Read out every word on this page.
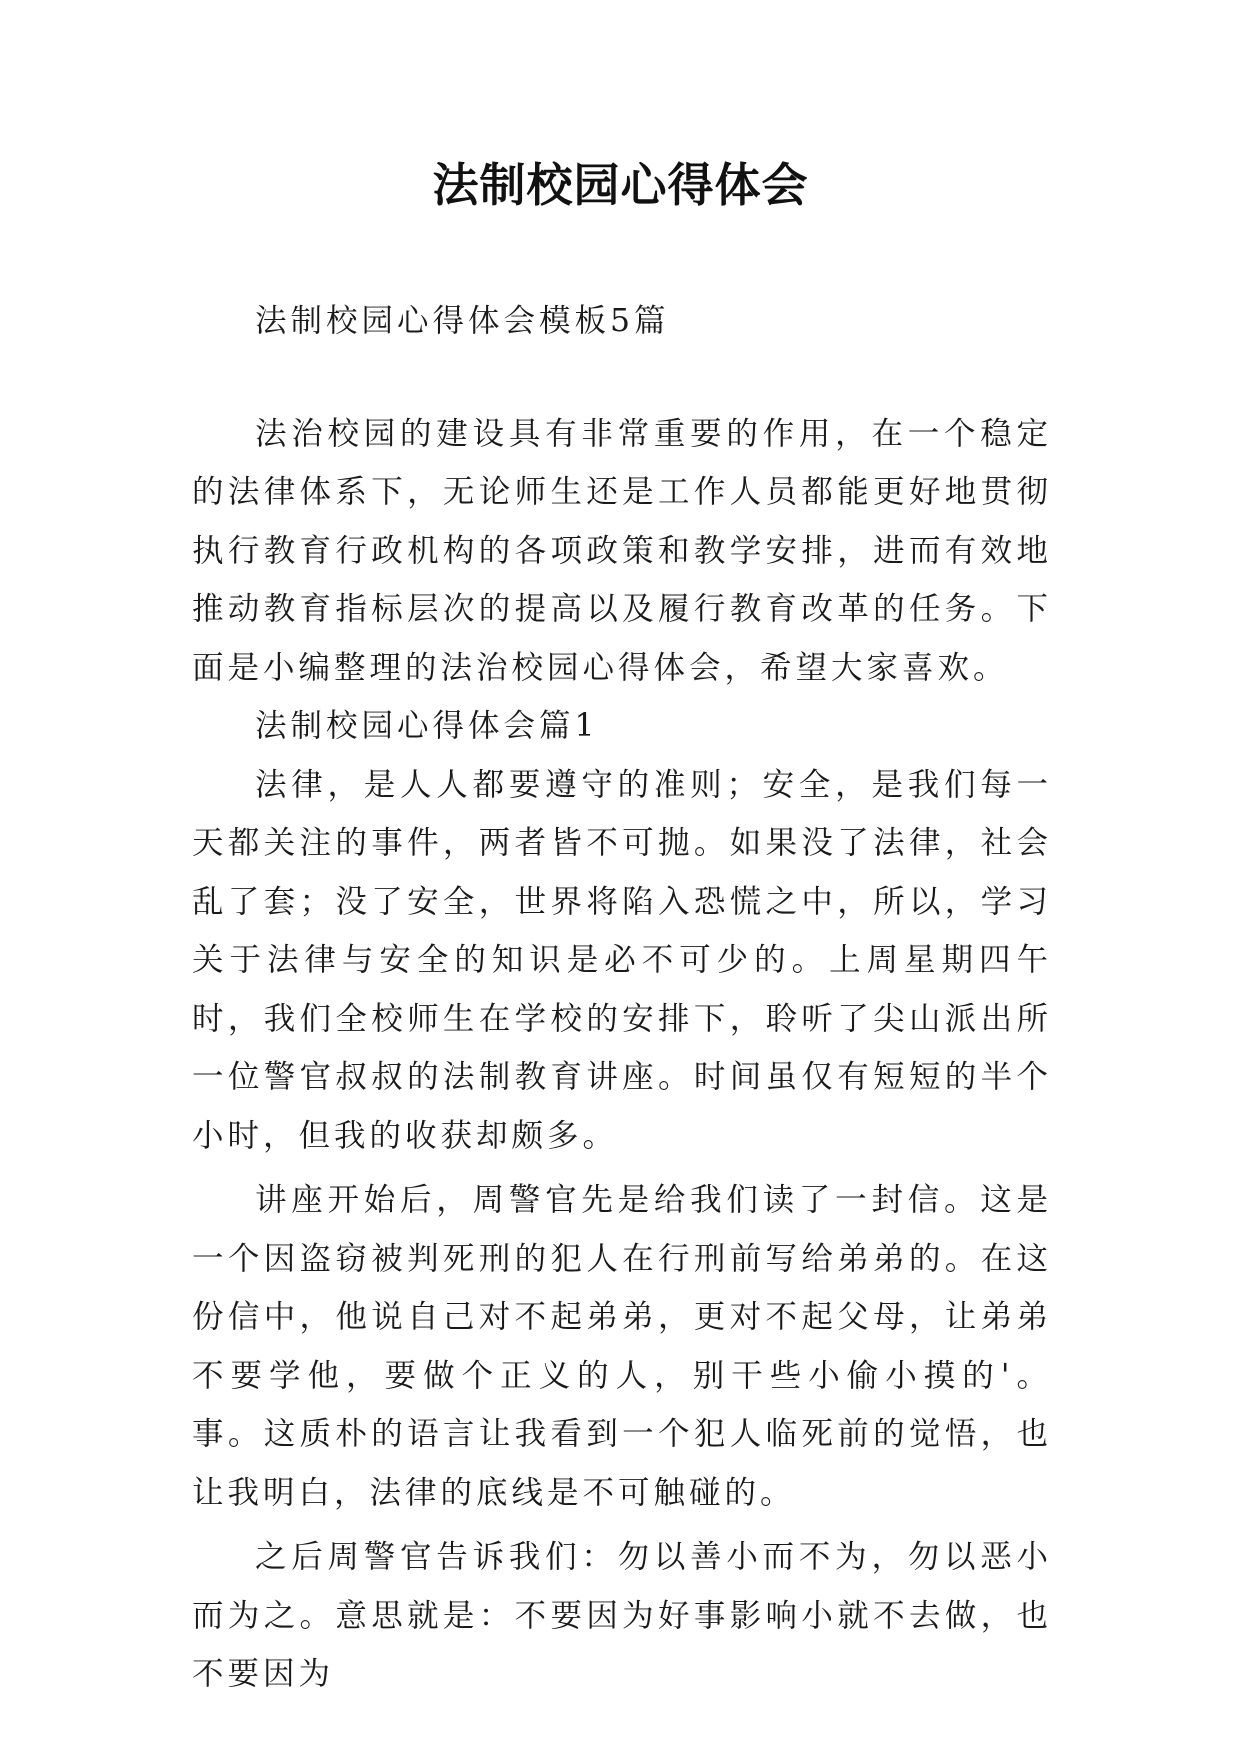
法制校园心得体会

法制校园心得体会模板5篇

法治校园的建设具有非常重要的作用，在一个稳定的法律体系下，无论师生还是工作人员都能更好地贯彻执行教育行政机构的各项政策和教学安排，进而有效地推动教育指标层次的提高以及履行教育改革的任务。下面是小编整理的法治校园心得体会，希望大家喜欢。

法制校园心得体会篇1

法律，是人人都要遵守的准则；安全，是我们每一天都关注的事件，两者皆不可抛。如果没了法律，社会乱了套；没了安全，世界将陷入恐慌之中，所以，学习关于法律与安全的知识是必不可少的。上周星期四午时，我们全校师生在学校的安排下，聆听了尖山派出所一位警官叔叔的法制教育讲座。时间虽仅有短短的半个小时，但我的收获却颇多。

讲座开始后，周警官先是给我们读了一封信。这是一个因盗窃被判死刑的犯人在行刑前写给弟弟的。在这份信中，他说自己对不起弟弟，更对不起父母，让弟弟不要学他，要做个正义的人，别干些小偷小摸的'。事。这质朴的语言让我看到一个犯人临死前的觉悟，也让我明白，法律的底线是不可触碰的。

之后周警官告诉我们：勿以善小而不为，勿以恶小而为之。意思就是：不要因为好事影响小就不去做，也不要因为
